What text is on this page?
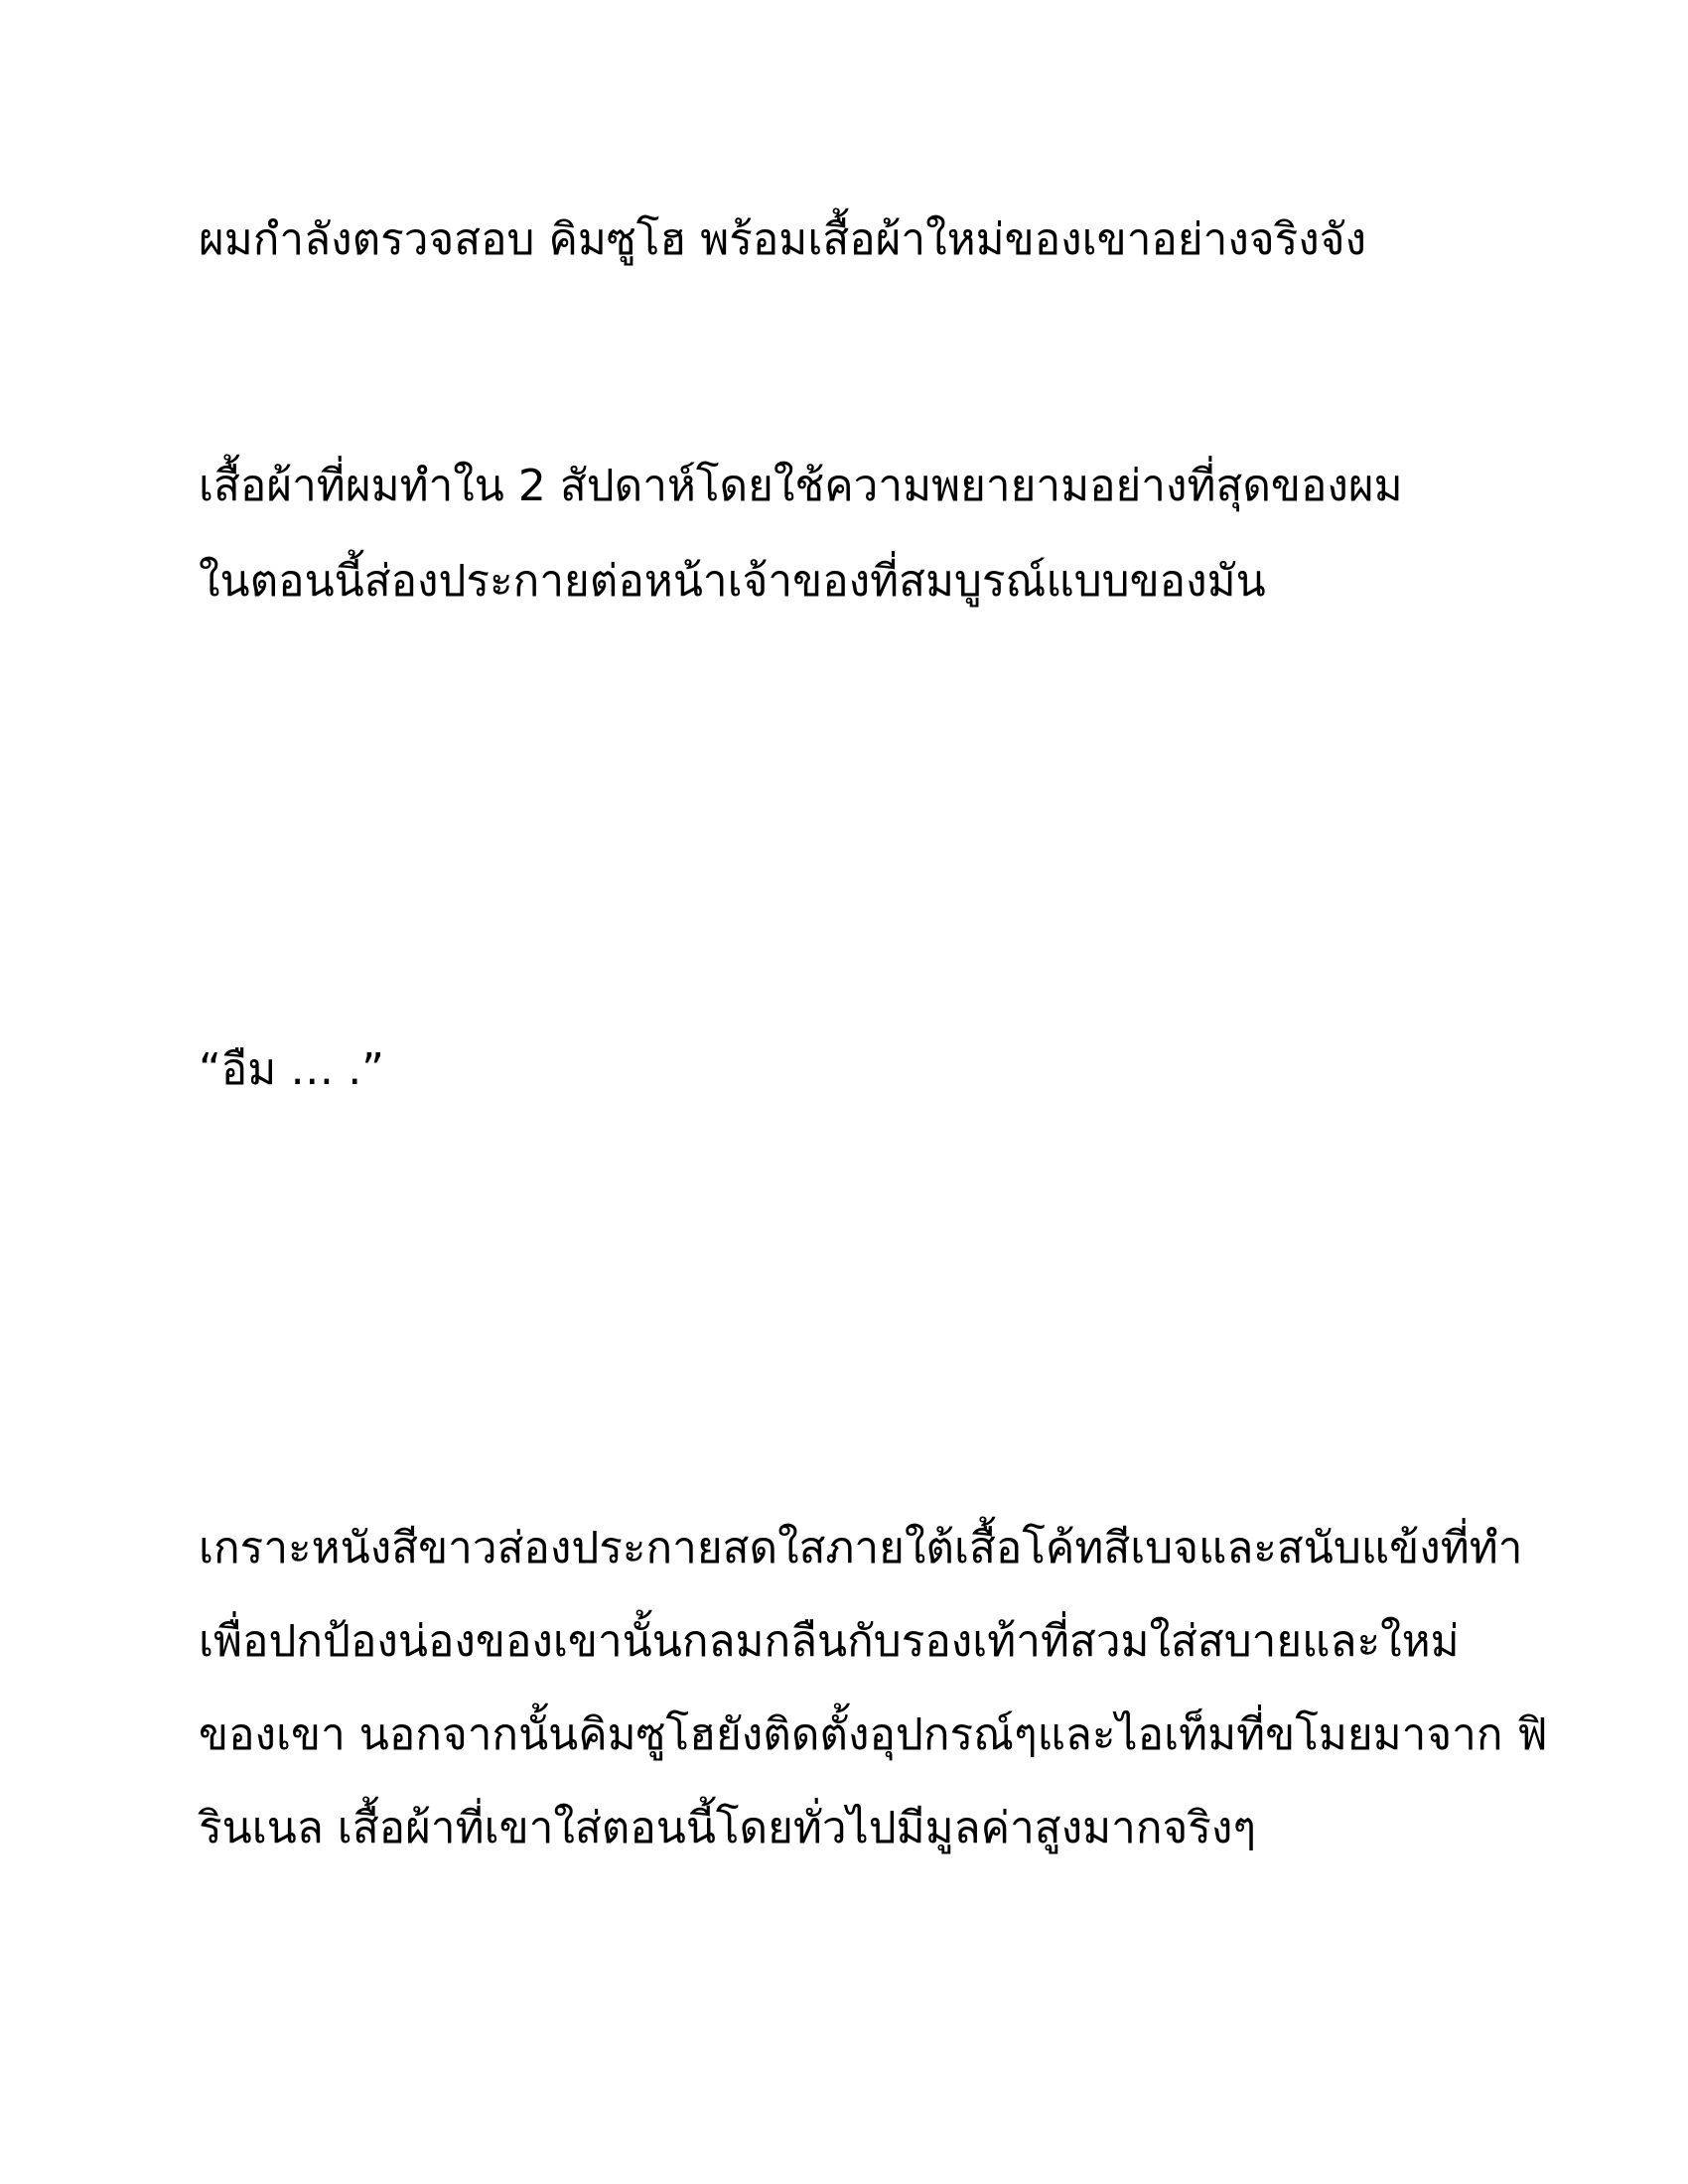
ผมกำลังตรวจสอบ คิมซูโฮ พร้อมเสื้อผ้าใหม่ของเขาอย่างจริงจัง
เสื้อผ้าที่ผมทำใน 2 สัปดาห์โดยใช้ความพยายามอย่างที่สุดของผม
ในตอนนี้ส่องประกายต่อหน้าเจ้าของที่สมบูรณ์แบบของมัน
“อืม … .”
เกราะหนังสีขาวส่องประกายสดใสภายใต้เสื้อโค้ทสีเบจและสนับแข้งที่ทำ
เพื่อปกป้องน่องของเขานั้นกลมกลืนกับรองเท้าที่สวมใส่สบายและใหม่
ของเขา นอกจากนั้นคิมซูโฮยังติดตั้งอุปกรณ์ๆและไอเท็มที่ขโมยมาจาก ฟิ
รินเนล เสื้อผ้าที่เขาใส่ตอนนี้โดยทั่วไปมีมูลค่าสูงมากจริงๆ
